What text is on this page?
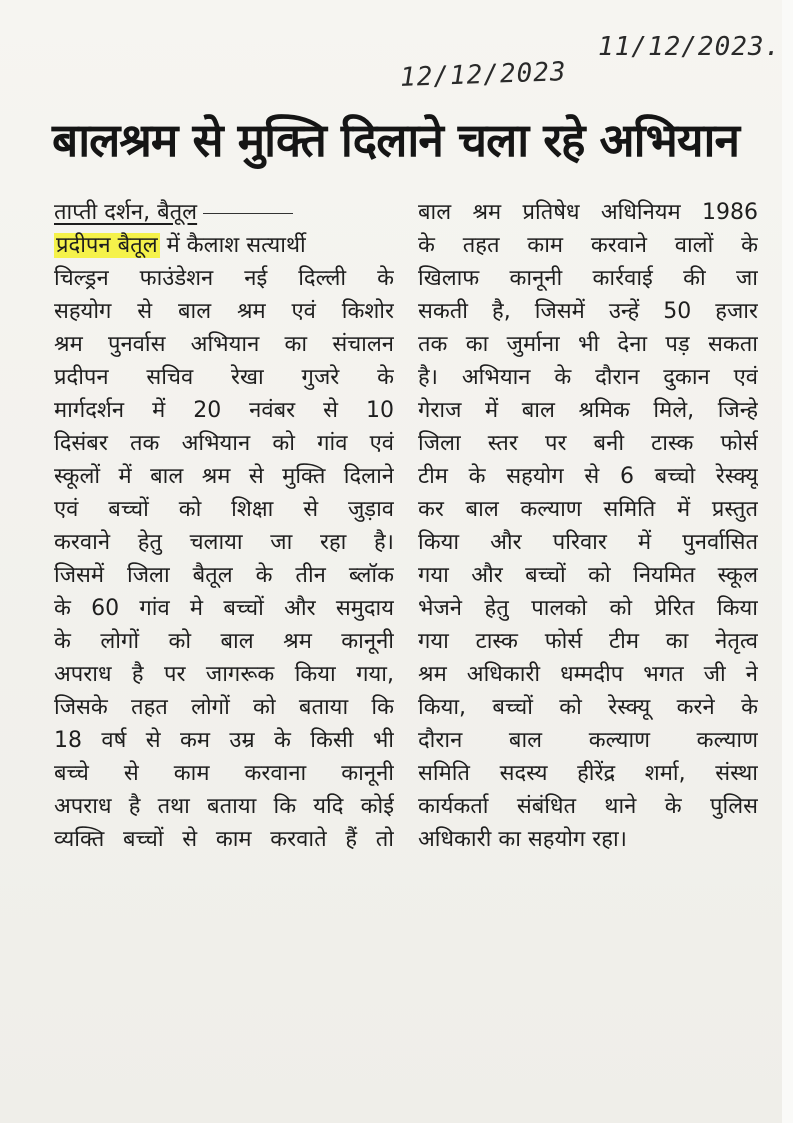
11/12/2023.
12/12/2023
बालश्रम से मुक्ति दिलाने चला रहे अभियान
ताप्ती दर्शन, बैतूल
प्रदीपन बैतूल में कैलाश सत्यार्थी
चिल्ड्रन फाउंडेशन नई दिल्ली के
सहयोग से बाल श्रम एवं किशोर
श्रम पुनर्वास अभियान का संचालन
प्रदीपन सचिव रेखा गुजरे के
मार्गदर्शन में 20 नवंबर से 10
दिसंबर तक अभियान को गांव एवं
स्कूलों में बाल श्रम से मुक्ति दिलाने
एवं बच्चों को शिक्षा से जुड़ाव
करवाने हेतु चलाया जा रहा है।
जिसमें जिला बैतूल के तीन ब्लॉक
के 60 गांव मे बच्चों और समुदाय
के लोगों को बाल श्रम कानूनी
अपराध है पर जागरूक किया गया,
जिसके तहत लोगों को बताया कि
18 वर्ष से कम उम्र के किसी भी
बच्चे से काम करवाना कानूनी
अपराध है तथा बताया कि यदि कोई
व्यक्ति बच्चों से काम करवाते हैं तो
बाल श्रम प्रतिषेध अधिनियम 1986
के तहत काम करवाने वालों के
खिलाफ कानूनी कार्रवाई की जा
सकती है, जिसमें उन्हें 50 हजार
तक का जुर्माना भी देना पड़ सकता
है। अभियान के दौरान दुकान एवं
गेराज में बाल श्रमिक मिले, जिन्हे
जिला स्तर पर बनी टास्क फोर्स
टीम के सहयोग से 6 बच्चो रेस्क्यू
कर बाल कल्याण समिति में प्रस्तुत
किया और परिवार में पुनर्वासित
गया और बच्चों को नियमित स्कूल
भेजने हेतु पालको को प्रेरित किया
गया टास्क फोर्स टीम का नेतृत्व
श्रम अधिकारी धम्मदीप भगत जी ने
किया, बच्चों को रेस्क्यू करने के
दौरान बाल कल्याण कल्याण
समिति सदस्य हीरेंद्र शर्मा, संस्था
कार्यकर्ता संबंधित थाने के पुलिस
अधिकारी का सहयोग रहा।
